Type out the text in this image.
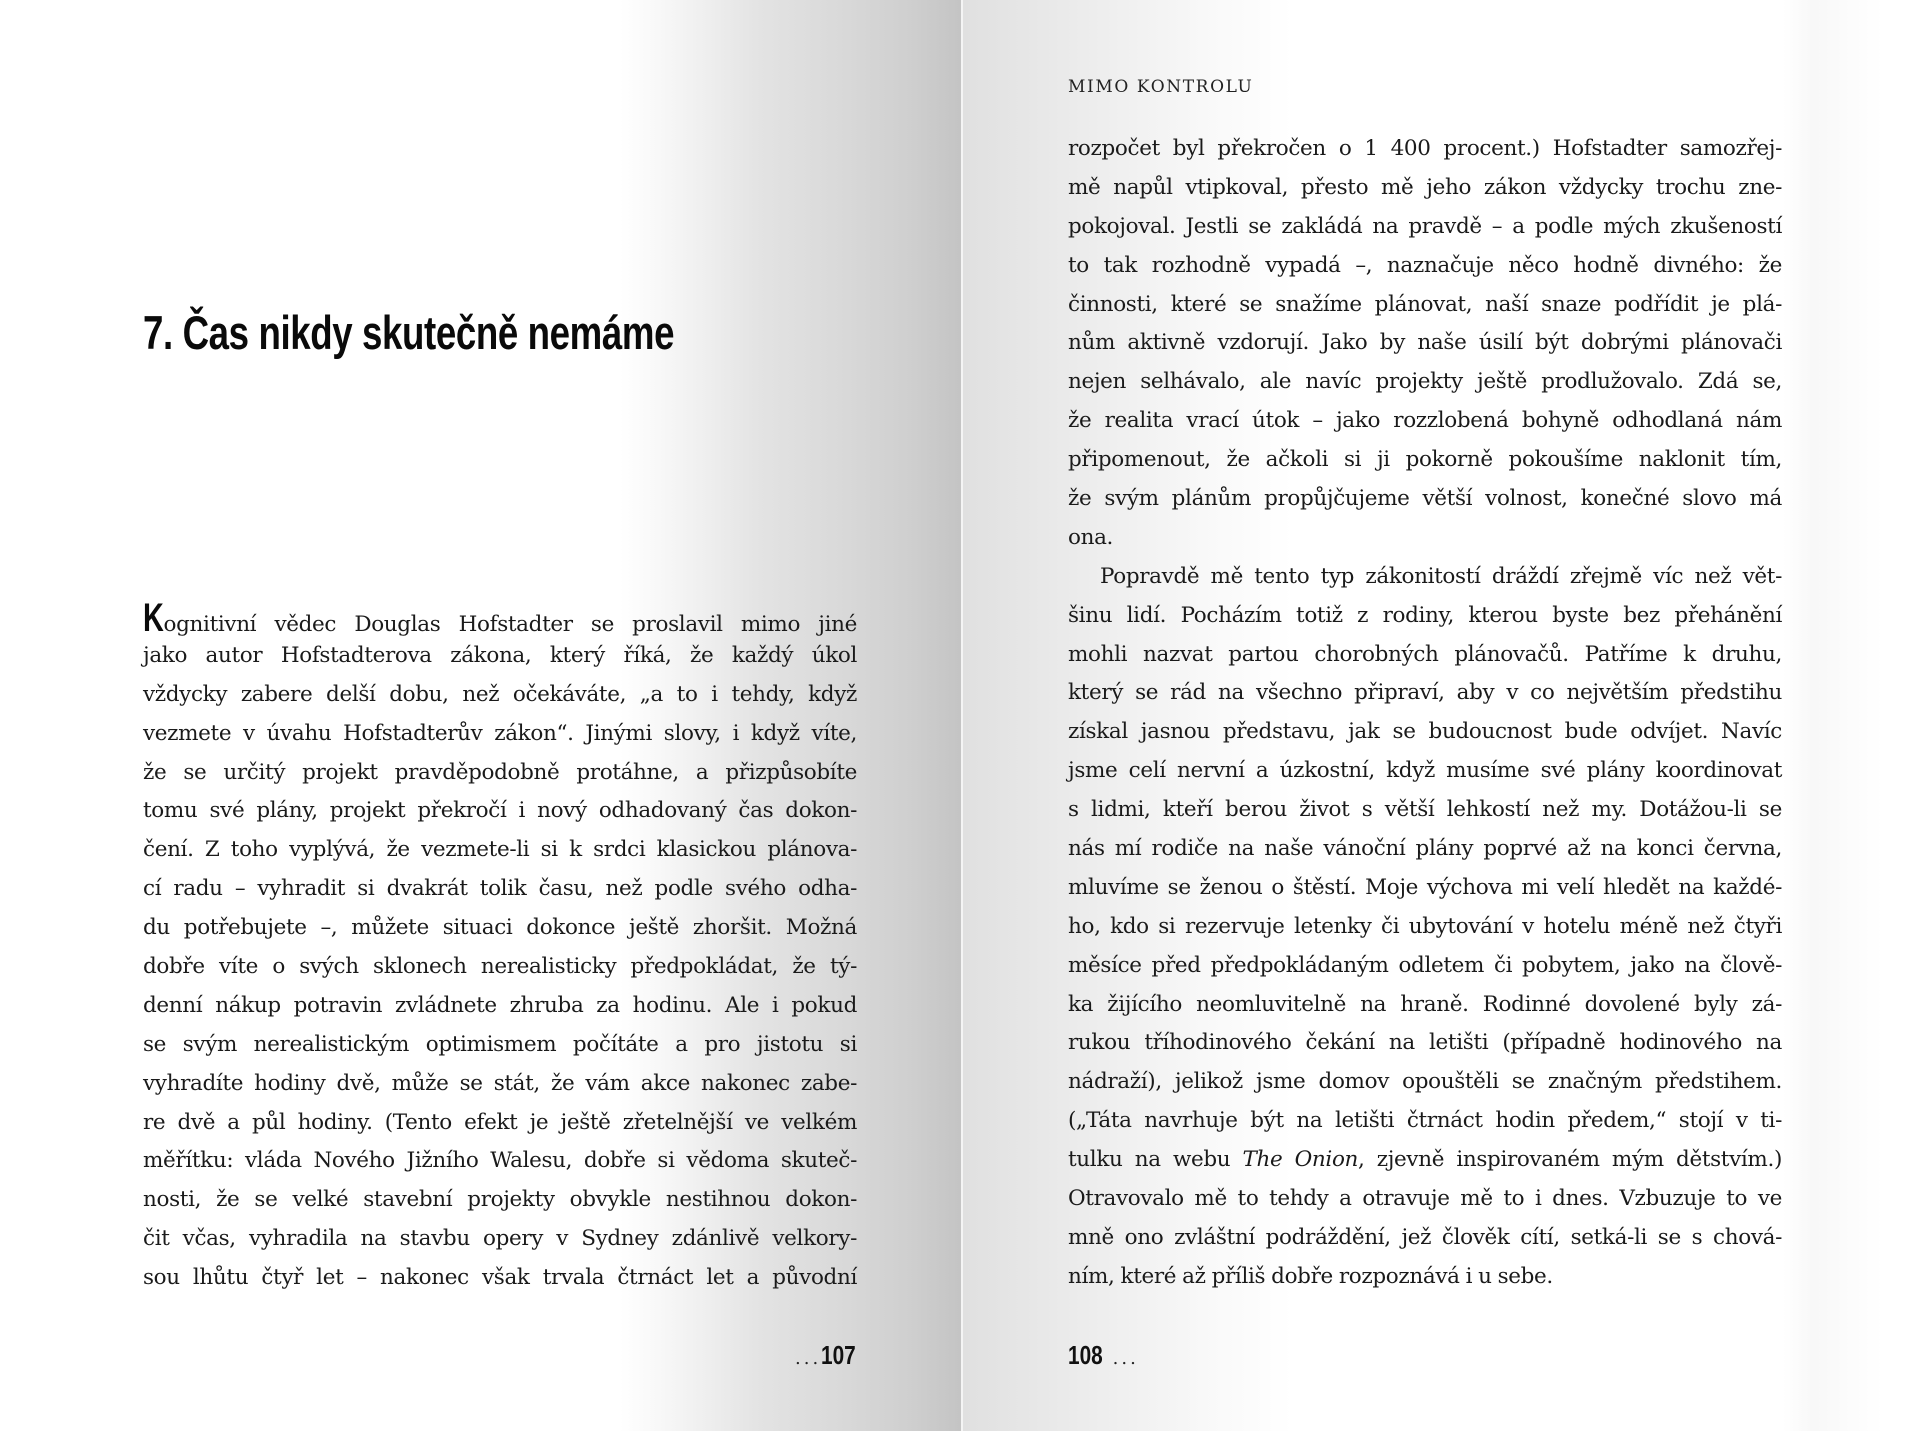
7. Čas nikdy skutečně nemáme
Kognitivní vědec Douglas Hofstadter se proslavil mimo jiné
jako autor Hofstadterova zákona, který říká, že každý úkol
vždycky zabere delší dobu, než očekáváte, „a to i tehdy, když
vezmete v úvahu Hofstadterův zákon“. Jinými slovy, i když víte,
že se určitý projekt pravděpodobně protáhne, a přizpůsobíte
tomu své plány, projekt překročí i nový odhadovaný čas dokon-
čení. Z toho vyplývá, že vezmete-li si k srdci klasickou plánova-
cí radu – vyhradit si dvakrát tolik času, než podle svého odha-
du potřebujete –, můžete situaci dokonce ještě zhoršit. Možná
dobře víte o svých sklonech nerealisticky předpokládat, že tý-
denní nákup potravin zvládnete zhruba za hodinu. Ale i pokud
se svým nerealistickým optimismem počítáte a pro jistotu si
vyhradíte hodiny dvě, může se stát, že vám akce nakonec zabe-
re dvě a půl hodiny. (Tento efekt je ještě zřetelnější ve velkém
měřítku: vláda Nového Jižního Walesu, dobře si vědoma skuteč-
nosti, že se velké stavební projekty obvykle nestihnou dokon-
čit včas, vyhradila na stavbu opery v Sydney zdánlivě velkory-
sou lhůtu čtyř let – nakonec však trvala čtrnáct let a původní
...107
MIMO KONTROLU
rozpočet byl překročen o 1 400 procent.) Hofstadter samozřej-
mě napůl vtipkoval, přesto mě jeho zákon vždycky trochu zne-
pokojoval. Jestli se zakládá na pravdě – a podle mých zkušeností
to tak rozhodně vypadá –, naznačuje něco hodně divného: že
činnosti, které se snažíme plánovat, naší snaze podřídit je plá-
nům aktivně vzdorují. Jako by naše úsilí být dobrými plánovači
nejen selhávalo, ale navíc projekty ještě prodlužovalo. Zdá se,
že realita vrací útok – jako rozzlobená bohyně odhodlaná nám
připomenout, že ačkoli si ji pokorně pokoušíme naklonit tím,
že svým plánům propůjčujeme větší volnost, konečné slovo má
ona.
Popravdě mě tento typ zákonitostí dráždí zřejmě víc než vět-
šinu lidí. Pocházím totiž z rodiny, kterou byste bez přehánění
mohli nazvat partou chorobných plánovačů. Patříme k druhu,
který se rád na všechno připraví, aby v co největším předstihu
získal jasnou představu, jak se budoucnost bude odvíjet. Navíc
jsme celí nervní a úzkostní, když musíme své plány koordinovat
s lidmi, kteří berou život s větší lehkostí než my. Dotážou-li se
nás mí rodiče na naše vánoční plány poprvé až na konci června,
mluvíme se ženou o štěstí. Moje výchova mi velí hledět na každé-
ho, kdo si rezervuje letenky či ubytování v hotelu méně než čtyři
měsíce před předpokládaným odletem či pobytem, jako na člově-
ka žijícího neomluvitelně na hraně. Rodinné dovolené byly zá-
rukou tříhodinového čekání na letišti (případně hodinového na
nádraží), jelikož jsme domov opouštěli se značným předstihem.
(„Táta navrhuje být na letišti čtrnáct hodin předem,“ stojí v ti-
tulku na webu The Onion, zjevně inspirovaném mým dětstvím.)
Otravovalo mě to tehdy a otravuje mě to i dnes. Vzbuzuje to ve
mně ono zvláštní podráždění, jež člověk cítí, setká-li se s chová-
ním, které až příliš dobře rozpoznává i u sebe.
108 ...
